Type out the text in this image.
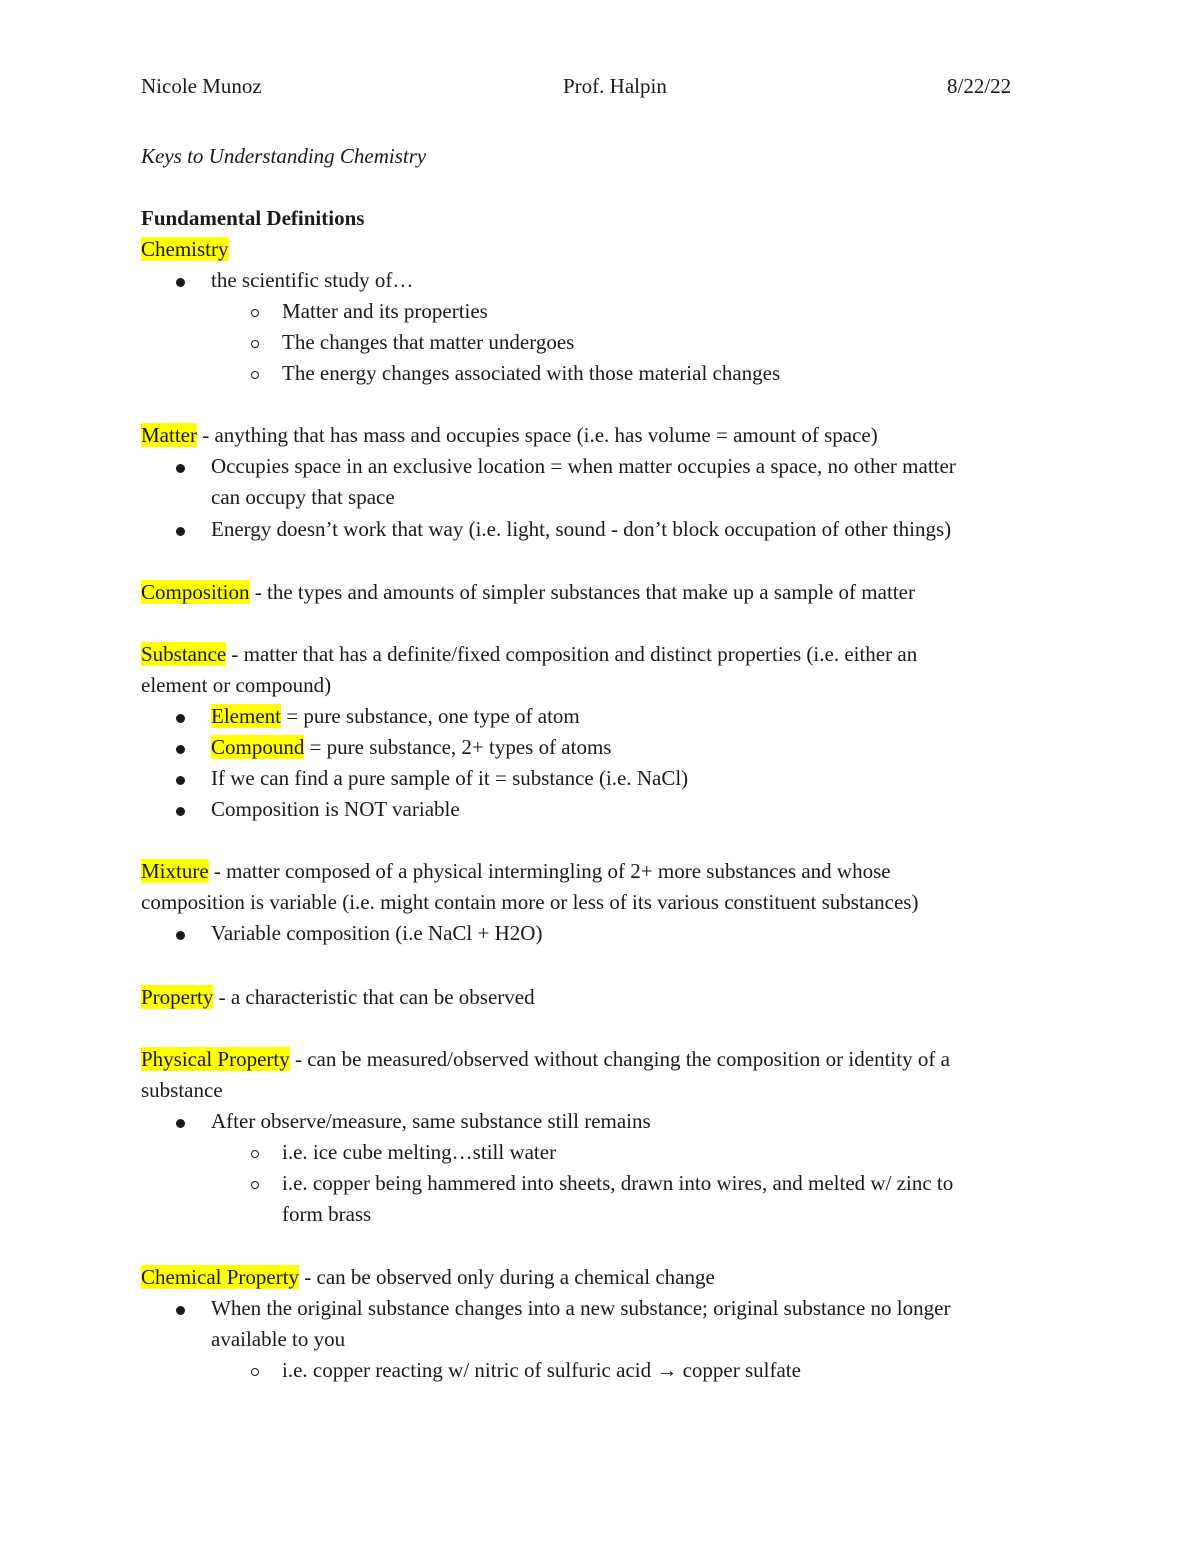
Nicole Munoz	Prof. Halpin	8/22/22
Keys to Understanding Chemistry
Fundamental Definitions
Chemistry
the scientific study of…
Matter and its properties
The changes that matter undergoes
The energy changes associated with those material changes
Matter - anything that has mass and occupies space (i.e. has volume = amount of space)
Occupies space in an exclusive location = when matter occupies a space, no other matter
can occupy that space
Energy doesn’t work that way (i.e. light, sound - don’t block occupation of other things)
Composition - the types and amounts of simpler substances that make up a sample of matter
Substance - matter that has a definite/fixed composition and distinct properties (i.e. either an
element or compound)
Element = pure substance, one type of atom
Compound = pure substance, 2+ types of atoms
If we can find a pure sample of it = substance (i.e. NaCl)
Composition is NOT variable
Mixture - matter composed of a physical intermingling of 2+ more substances and whose
composition is variable (i.e. might contain more or less of its various constituent substances)
Variable composition (i.e NaCl + H2O)
Property - a characteristic that can be observed
Physical Property - can be measured/observed without changing the composition or identity of a
substance
After observe/measure, same substance still remains
i.e. ice cube melting…still water
i.e. copper being hammered into sheets, drawn into wires, and melted w/ zinc to
form brass
Chemical Property - can be observed only during a chemical change
When the original substance changes into a new substance; original substance no longer
available to you
i.e. copper reacting w/ nitric of sulfuric acid → copper sulfate
